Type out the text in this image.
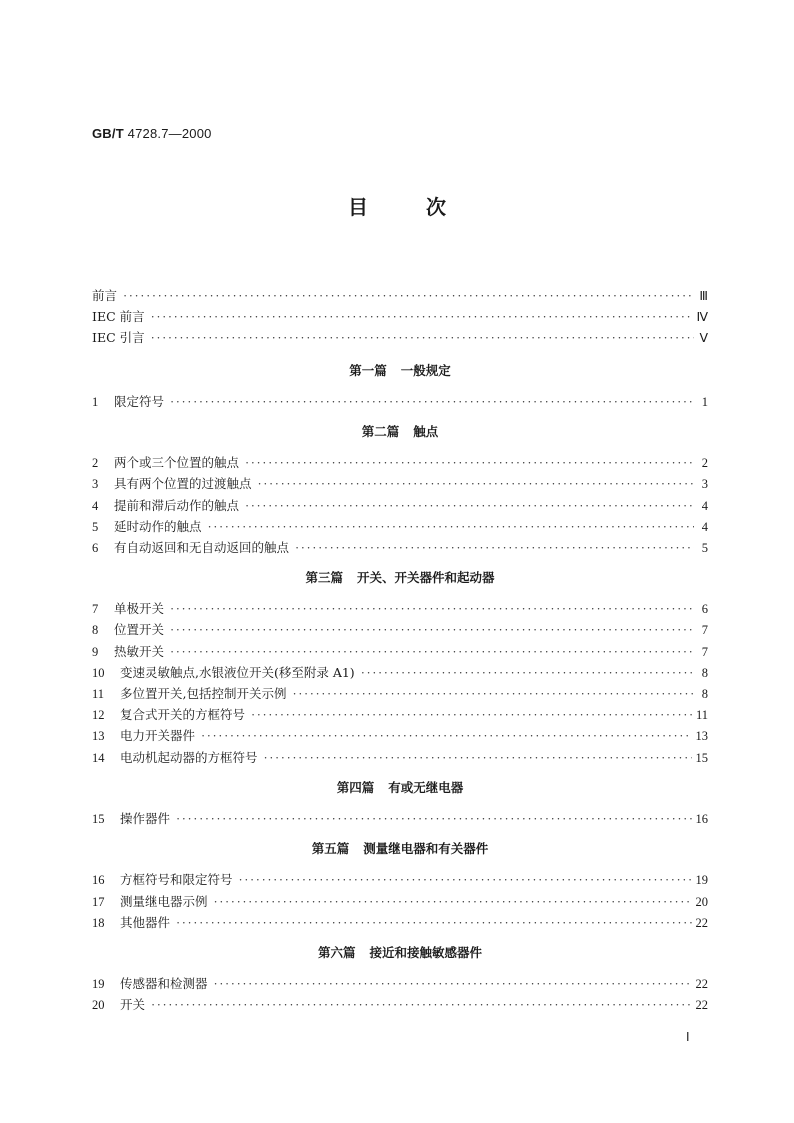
GB/T 4728.7—2000
目	次
前言 ·····	Ⅲ
IEC 前言 ·····	Ⅳ
IEC 引言 ·····	Ⅴ
第一篇 一般规定
1	限定符号 ·····	1
第二篇 触点
2	两个或三个位置的触点 ·····	2
3	具有两个位置的过渡触点 ·····	3
4	提前和滞后动作的触点 ·····	4
5	延时动作的触点 ·····	4
6	有自动返回和无自动返回的触点 ·····	5
第三篇 开关、开关器件和起动器
7	单极开关 ·····	6
8	位置开关 ·····	7
9	热敏开关 ·····	7
10	变速灵敏触点,水银液位开关(移至附录 A1) ·····	8
11	多位置开关,包括控制开关示例 ·····	8
12	复合式开关的方框符号 ·····	11
13	电力开关器件 ·····	13
14	电动机起动器的方框符号 ·····	15
第四篇 有或无继电器
15	操作器件 ·····	16
第五篇 测量继电器和有关器件
16	方框符号和限定符号 ·····	19
17	测量继电器示例 ·····	20
18	其他器件 ·····	22
第六篇 接近和接触敏感器件
19	传感器和检测器 ·····	22
20	开关 ·····	22
Ⅰ
